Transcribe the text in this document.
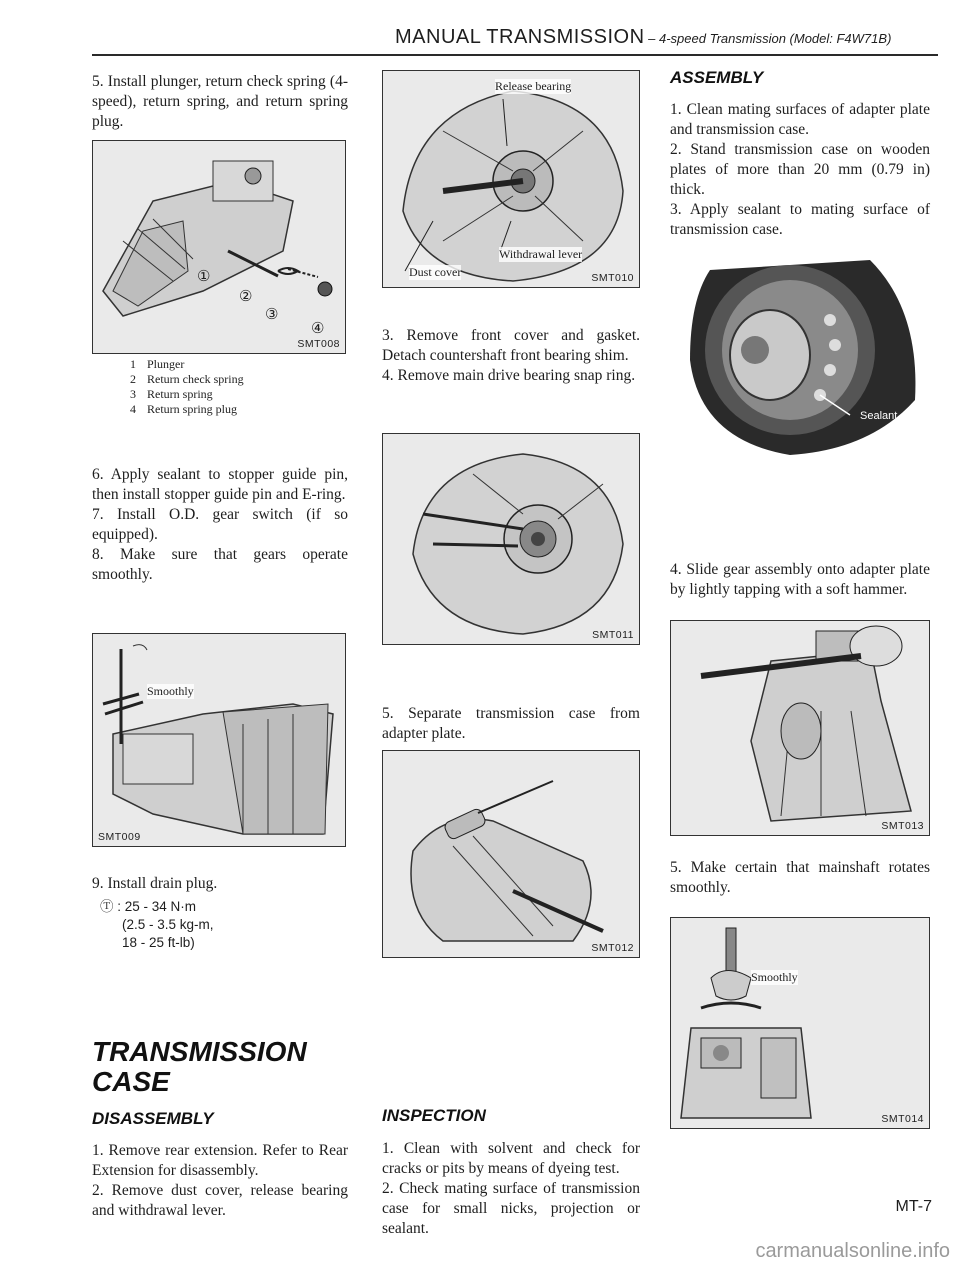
MANUAL TRANSMISSION – 4-speed Transmission (Model: F4W71B)

5. Install plunger, return check spring (4-speed), return spring, and return spring plug.

①
②
③
④
SMT008
1 Plunger
2 Return check spring
3 Return spring
4 Return spring plug

6. Apply sealant to stopper guide pin, then install stopper guide pin and E-ring.

7. Install O.D. gear switch (if so equipped).

8. Make sure that gears operate smoothly.

Smoothly
SMT009

9. Install drain plug.

Ⓣ : 25 - 34 N·m
(2.5 - 3.5 kg-m,
18 - 25 ft-lb)
TRANSMISSION
CASE
DISASSEMBLY

1. Remove rear extension. Refer to Rear Extension for disassembly.

2. Remove dust cover, release bearing and withdrawal lever.

Release bearing
Withdrawal lever
Dust cover	SMT010

3. Remove front cover and gasket. Detach countershaft front bearing shim.

4. Remove main drive bearing snap ring.

SMT011

5. Separate transmission case from adapter plate.

SMT012
INSPECTION

1. Clean with solvent and check for cracks or pits by means of dyeing test.

2. Check mating surface of transmission case for small nicks, projection or sealant.

ASSEMBLY

1. Clean mating surfaces of adapter plate and transmission case.

2. Stand transmission case on wooden plates of more than 20 mm (0.79 in) thick.

3. Apply sealant to mating surface of transmission case.

Sealant

4. Slide gear assembly onto adapter plate by lightly tapping with a soft hammer.

SMT013

5. Make certain that mainshaft rotates smoothly.

Smoothly
SMT014
MT-7
carmanualsonline.info
